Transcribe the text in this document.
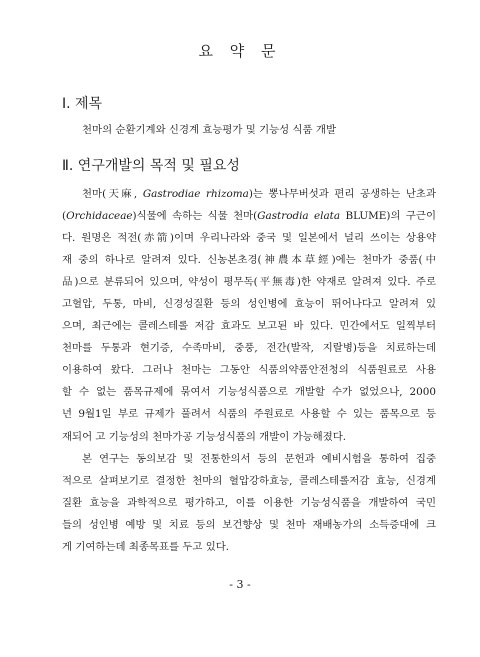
요 약 문
Ⅰ. 제목
천마의 순환기계와 신경계 효능평가 및 기능성 식품 개발
Ⅱ. 연구개발의 목적 및 필요성
천마(天麻, Gastrodiae rhizoma)는 뽕나무버섯과 편리 공생하는 난초과
(Orchidaceae)식물에 속하는 식물 천마(Gastrodia elata BLUME)의 구근이
다. 원명은 적전(赤箭)이며 우리나라와 중국 및 일본에서 널리 쓰이는 상용약
재 중의 하나로 알려져 있다. 신농본초경(神農本草經)에는 천마가 중품(中
品)으로 분류되어 있으며, 약성이 평무독(平無毒)한 약재로 알려져 있다. 주로
고혈압, 두통, 마비, 신경성질환 등의 성인병에 효능이 뛰어나다고 알려져 있
으며, 최근에는 콜레스테롤 저감 효과도 보고된 바 있다. 민간에서도 일찍부터
천마를 두통과 현기증, 수족마비, 중풍, 전간(발작, 지랄병)등을 치료하는데
이용하여 왔다. 그러나 천마는 그동안 식품의약품안전청의 식품원료로 사용
할 수 없는 품목규제에 묶여서 기능성식품으로 개발할 수가 없었으나, 2000
년 9월1일 부로 규제가 풀려서 식품의 주원료로 사용할 수 있는 품목으로 등
재되어 고 기능성의 천마가공 기능성식품의 개발이 가능해졌다.
본 연구는 동의보감 및 전통한의서 등의 문헌과 예비시험을 통하여 집중
적으로 살펴보기로 결정한 천마의 혈압강하효능, 콜레스테롤저감 효능, 신경계
질환 효능을 과학적으로 평가하고, 이를 이용한 기능성식품을 개발하여 국민
들의 성인병 예방 및 치료 등의 보건향상 및 천마 재배농가의 소득증대에 크
게 기여하는데 최종목표를 두고 있다.
- 3 -
